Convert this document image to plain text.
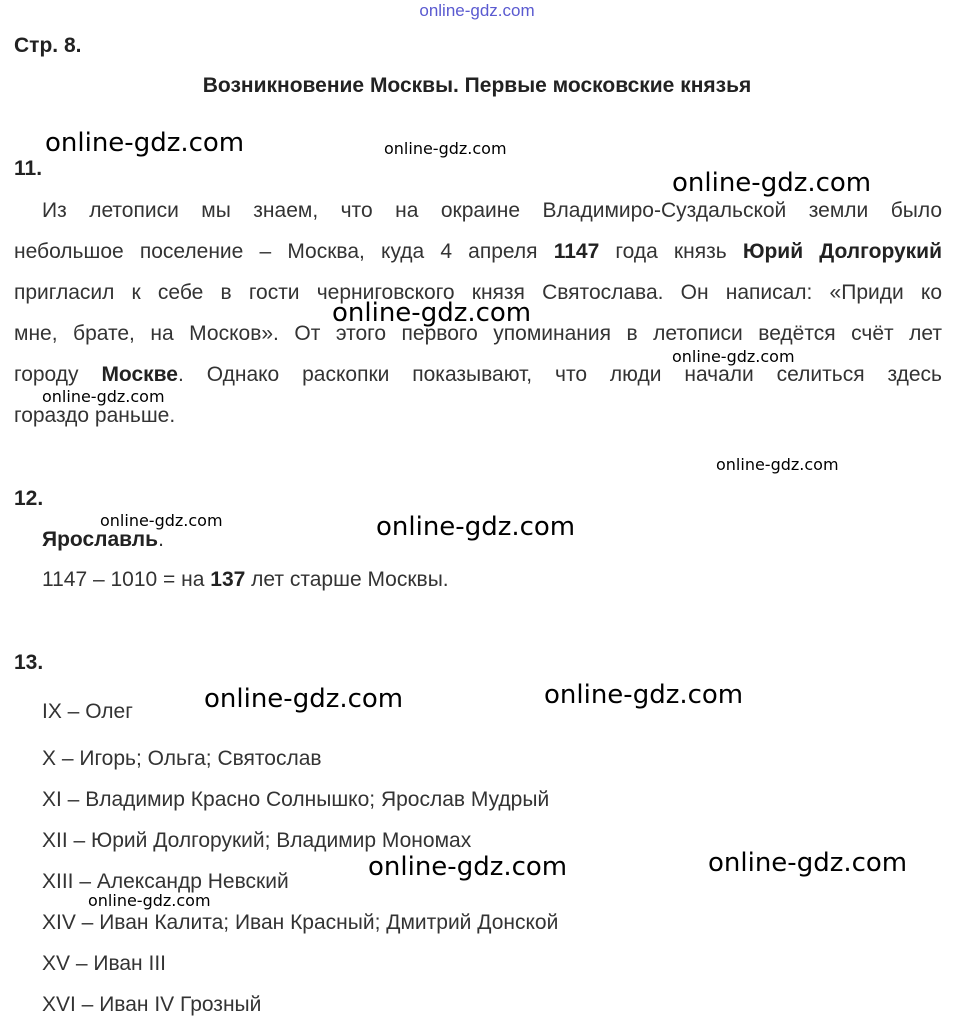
online-gdz.com
Стр. 8.
Возникновение Москвы. Первые московские князья
11.
Из летописи мы знаем, что на окраине Владимиро-Суздальской земли было
небольшое поселение – Москва, куда 4 апреля 1147 года князь Юрий Долгорукий
пригласил к себе в гости черниговского князя Святослава. Он написал: «Приди ко
мне, брате, на Москов». От этого первого упоминания в летописи ведётся счёт лет
городу Москве. Однако раскопки показывают, что люди начали селиться здесь
гораздо раньше.
12.
Ярославль.
1147 – 1010 = на 137 лет старше Москвы.
13.
IX – Олег
X – Игорь; Ольга; Святослав
XI – Владимир Красно Солнышко; Ярослав Мудрый
XII – Юрий Долгорукий; Владимир Мономах
XIII – Александр Невский
XIV – Иван Калита; Иван Красный; Дмитрий Донской
XV – Иван III
XVI – Иван IV Грозный
online-gdz.com	online-gdz.com
online-gdz.com
online-gdz.com
online-gdz.com
online-gdz.com
online-gdz.com
online-gdz.com	online-gdz.com
online-gdz.com	online-gdz.com
online-gdz.com	online-gdz.com
online-gdz.com
